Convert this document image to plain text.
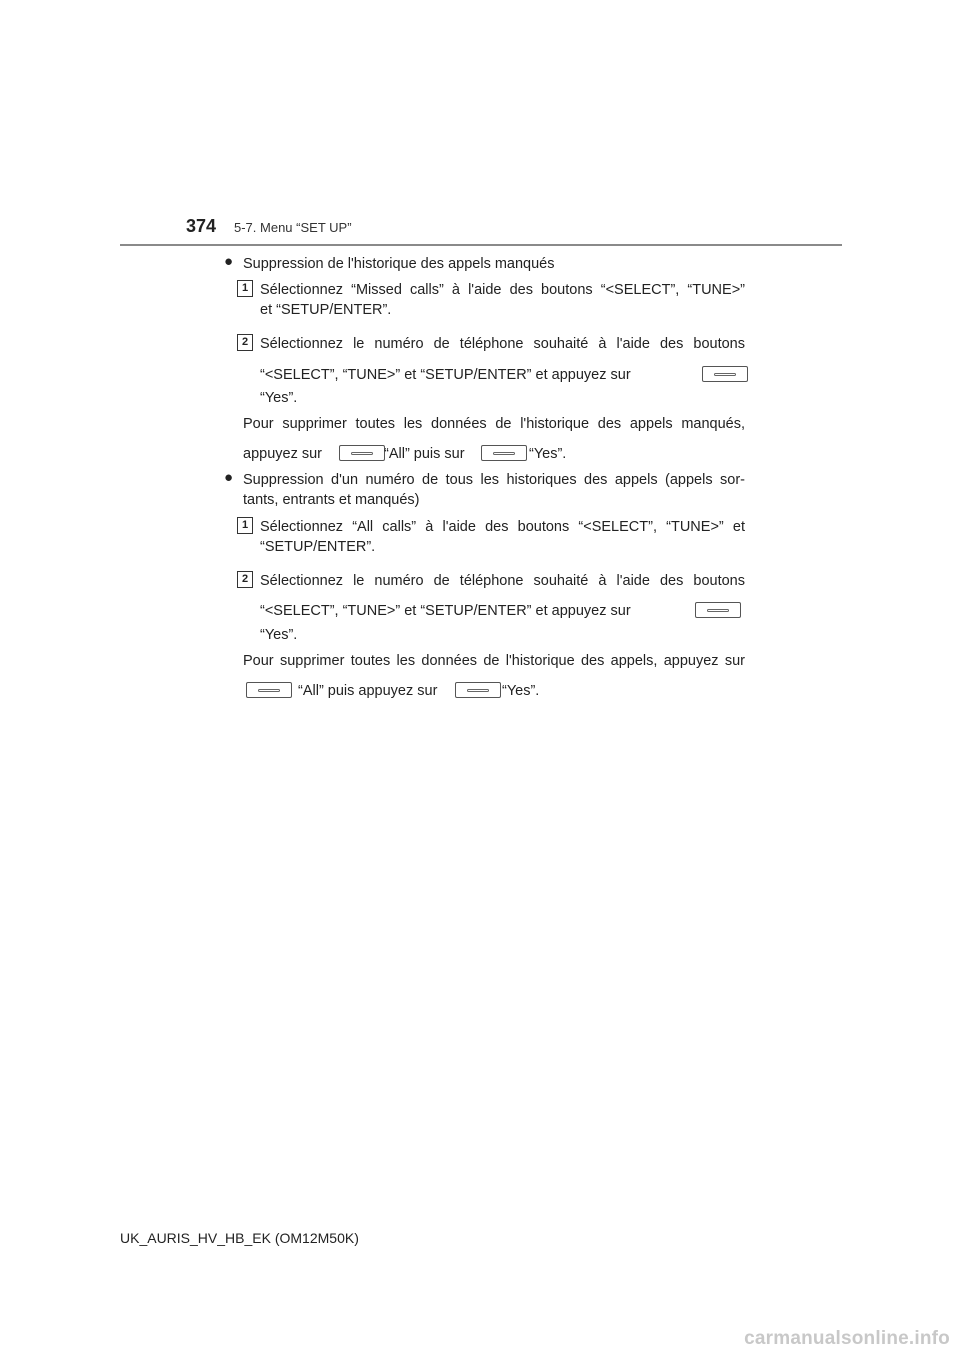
374 5-7. Menu “SET UP”
● Suppression de l'historique des appels manqués
1 Sélectionnez “Missed calls” à l'aide des boutons “<SELECT”, “TUNE>”
et “SETUP/ENTER”.
2 Sélectionnez le numéro de téléphone souhaité à l'aide des boutons
“<SELECT”, “TUNE>” et “SETUP/ENTER” et appuyez sur
“Yes”.
Pour supprimer toutes les données de l'historique des appels manqués,
appuyez sur	“All” puis sur	“Yes”.
● Suppression d'un numéro de tous les historiques des appels (appels sor-
tants, entrants et manqués)
1 Sélectionnez “All calls” à l'aide des boutons “<SELECT”, “TUNE>” et
“SETUP/ENTER”.
2 Sélectionnez le numéro de téléphone souhaité à l'aide des boutons
“<SELECT”, “TUNE>” et “SETUP/ENTER” et appuyez sur
“Yes”.
Pour supprimer toutes les données de l'historique des appels, appuyez sur
“All” puis appuyez sur	“Yes”.
UK_AURIS_HV_HB_EK (OM12M50K)
carmanualsonline.info
